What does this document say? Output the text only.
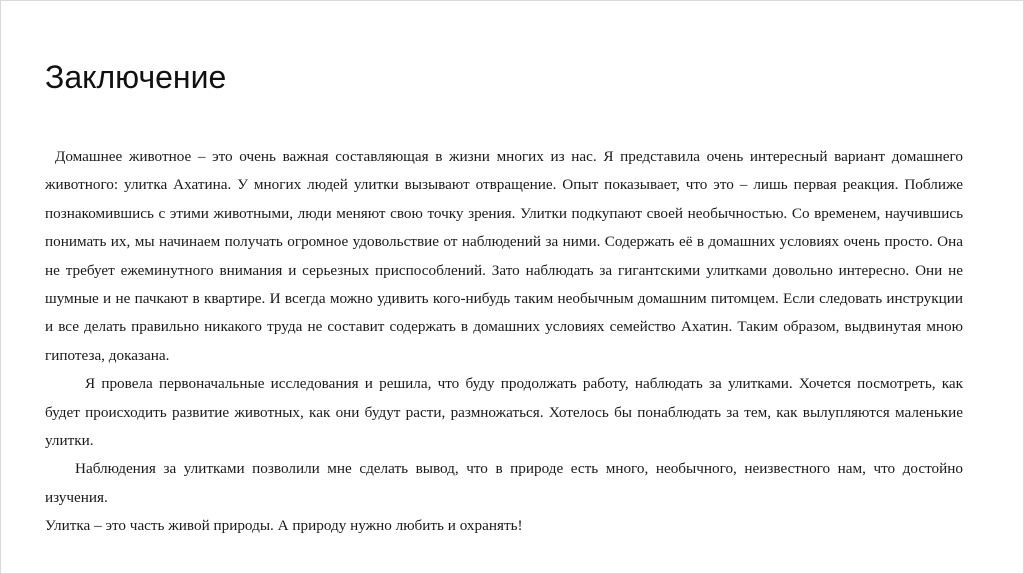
Заключение

Домашнее животное – это очень важная составляющая в жизни многих из нас. Я представила очень интересный вариант домашнего животного: улитка Ахатина. У многих людей улитки вызывают отвращение. Опыт показывает, что это – лишь первая реакция. Поближе познакомившись с этими животными, люди меняют свою точку зрения. Улитки подкупают своей необычностью. Со временем, научившись понимать их, мы начинаем получать огромное удовольствие от наблюдений за ними. Содержать её в домашних условиях очень просто. Она не требует ежеминутного внимания и серьезных приспособлений. Зато наблюдать за гигантскими улитками довольно интересно. Они не шумные и не пачкают в квартире. И всегда можно удивить кого-нибудь таким необычным домашним питомцем. Если следовать инструкции и все делать правильно никакого труда не составит содержать в домашних условиях семейство Ахатин. Таким образом, выдвинутая мною гипотеза, доказана.

Я провела первоначальные исследования и решила, что буду продолжать работу, наблюдать за улитками. Хочется посмотреть, как будет происходить развитие животных, как они будут расти, размножаться. Хотелось бы понаблюдать за тем, как вылупляются маленькие улитки.

Наблюдения за улитками позволили мне сделать вывод, что в природе есть много, необычного, неизвестного нам, что достойно изучения.

Улитка – это часть живой природы. А природу нужно любить и охранять!
